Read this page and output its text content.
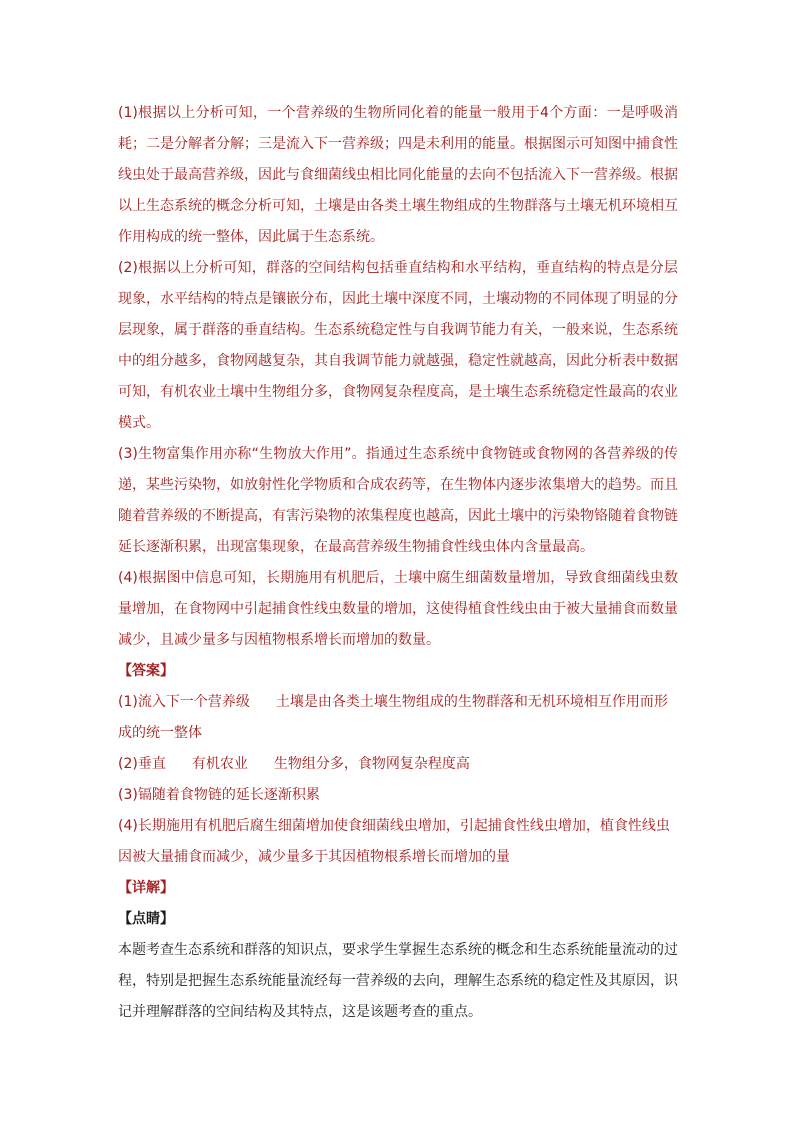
(1)根据以上分析可知，一个营养级的生物所同化着的能量一般用于4个方面：一是呼吸消耗；二是分解者分解；三是流入下一营养级；四是未利用的能量。根据图示可知图中捕食性线虫处于最高营养级，因此与食细菌线虫相比同化能量的去向不包括流入下一营养级。根据以上生态系统的概念分析可知，土壤是由各类土壤生物组成的生物群落与土壤无机环境相互作用构成的统一整体，因此属于生态系统。

(2)根据以上分析可知，群落的空间结构包括垂直结构和水平结构，垂直结构的特点是分层现象，水平结构的特点是镶嵌分布，因此土壤中深度不同，土壤动物的不同体现了明显的分层现象，属于群落的垂直结构。生态系统稳定性与自我调节能力有关，一般来说，生态系统中的组分越多，食物网越复杂，其自我调节能力就越强，稳定性就越高，因此分析表中数据可知，有机农业土壤中生物组分多，食物网复杂程度高，是土壤生态系统稳定性最高的农业模式。

(3)生物富集作用亦称“生物放大作用”。指通过生态系统中食物链或食物网的各营养级的传递，某些污染物，如放射性化学物质和合成农药等，在生物体内逐步浓集增大的趋势。而且随着营养级的不断提高，有害污染物的浓集程度也越高，因此土壤中的污染物铬随着食物链延长逐渐积累，出现富集现象，在最高营养级生物捕食性线虫体内含量最高。

(4)根据图中信息可知，长期施用有机肥后，土壤中腐生细菌数量增加，导致食细菌线虫数量增加，在食物网中引起捕食性线虫数量的增加，这使得植食性线虫由于被大量捕食而数量减少，且减少量多与因植物根系增长而增加的数量。

【答案】

(1)流入下一个营养级 土壤是由各类土壤生物组成的生物群落和无机环境相互作用而形成的统一整体

(2)垂直 有机农业 生物组分多，食物网复杂程度高

(3)镉随着食物链的延长逐渐积累

(4)长期施用有机肥后腐生细菌增加使食细菌线虫增加，引起捕食性线虫增加，植食性线虫因被大量捕食而减少，减少量多于其因植物根系增长而增加的量

【详解】

【点睛】

本题考查生态系统和群落的知识点，要求学生掌握生态系统的概念和生态系统能量流动的过程，特别是把握生态系统能量流经每一营养级的去向，理解生态系统的稳定性及其原因，识记并理解群落的空间结构及其特点，这是该题考查的重点。
